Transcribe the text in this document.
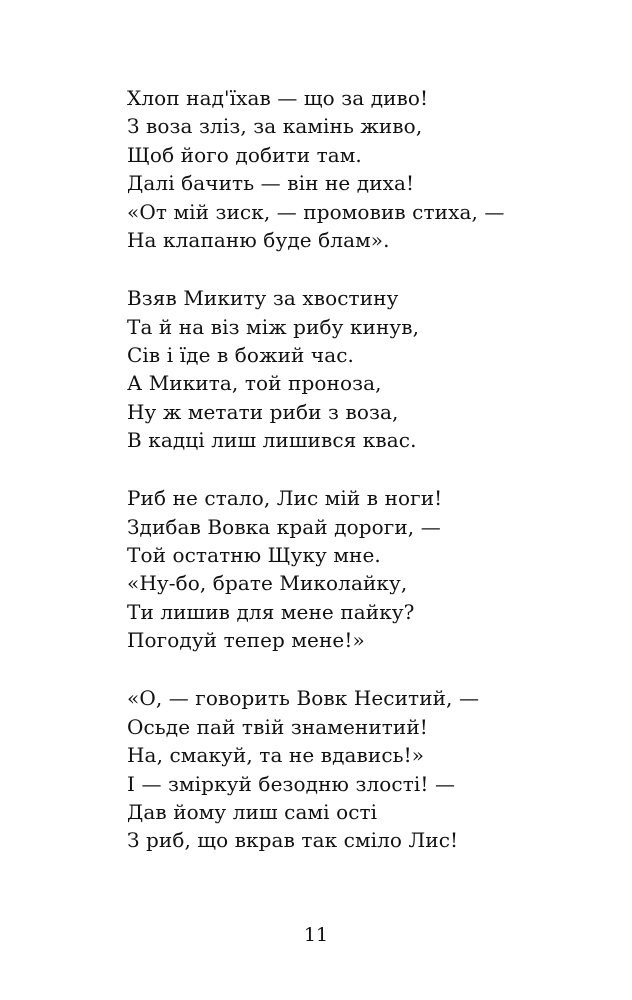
Хлоп над'їхав — що за диво!
З воза зліз, за камінь живо,
Щоб його добити там.
Далі бачить — він не диха!
«От мій зиск, — промовив стиха, —
На клапаню буде блам».
Взяв Микиту за хвостину
Та й на віз між рибу кинув,
Сів і їде в божий час.
А Микита, той проноза,
Ну ж метати риби з воза,
В кадці лиш лишився квас.
Риб не стало, Лис мій в ноги!
Здибав Вовка край дороги, —
Той остатню Щуку мне.
«Ну-бо, брате Миколайку,
Ти лишив для мене пайку?
Погодуй тепер мене!»
«О, — говорить Вовк Неситий, —
Осьде пай твій знаменитий!
На, смакуй, та не вдавись!»
І — зміркуй безодню злості! —
Дав йому лиш самі ості
З риб, що вкрав так сміло Лис!
11
